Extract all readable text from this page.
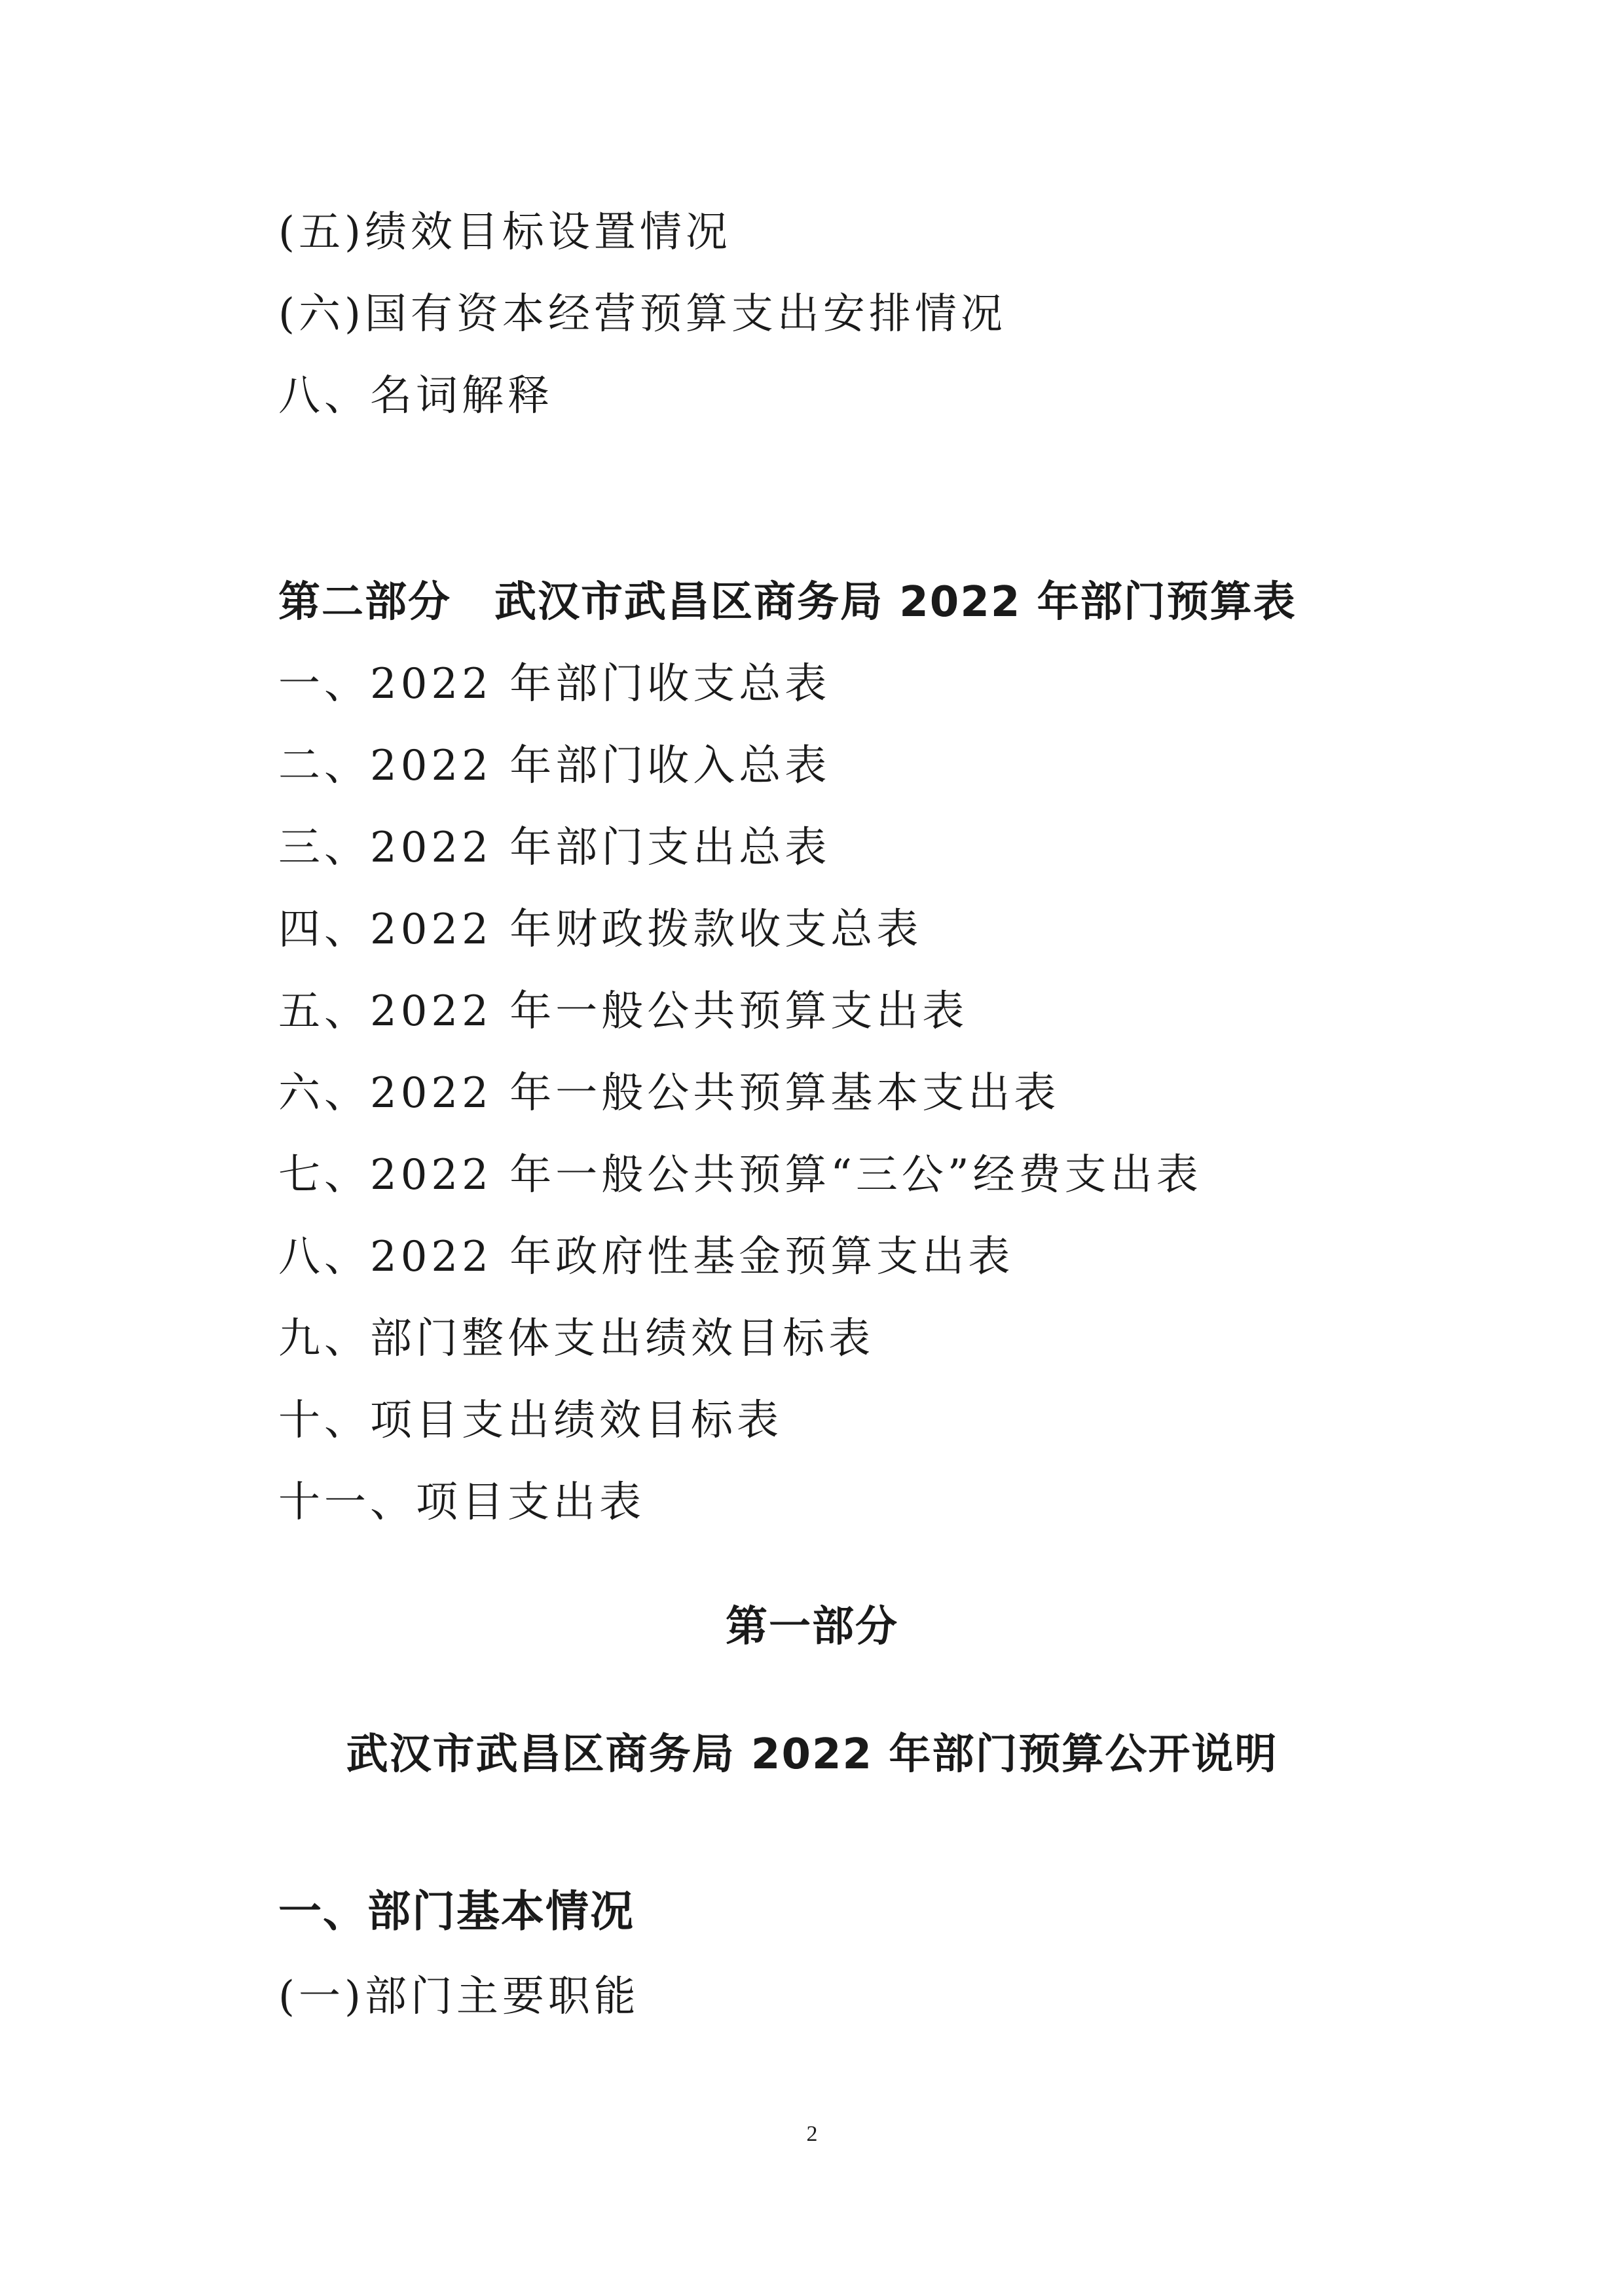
(五)绩效目标设置情况
(六)国有资本经营预算支出安排情况
八、名词解释
第二部分　武汉市武昌区商务局 2022 年部门预算表
一、2022 年部门收支总表
二、2022 年部门收入总表
三、2022 年部门支出总表
四、2022 年财政拨款收支总表
五、2022 年一般公共预算支出表
六、2022 年一般公共预算基本支出表
七、2022 年一般公共预算“三公”经费支出表
八、2022 年政府性基金预算支出表
九、部门整体支出绩效目标表
十、项目支出绩效目标表
十一、项目支出表
第一部分
武汉市武昌区商务局 2022 年部门预算公开说明
一、部门基本情况
(一)部门主要职能
2
